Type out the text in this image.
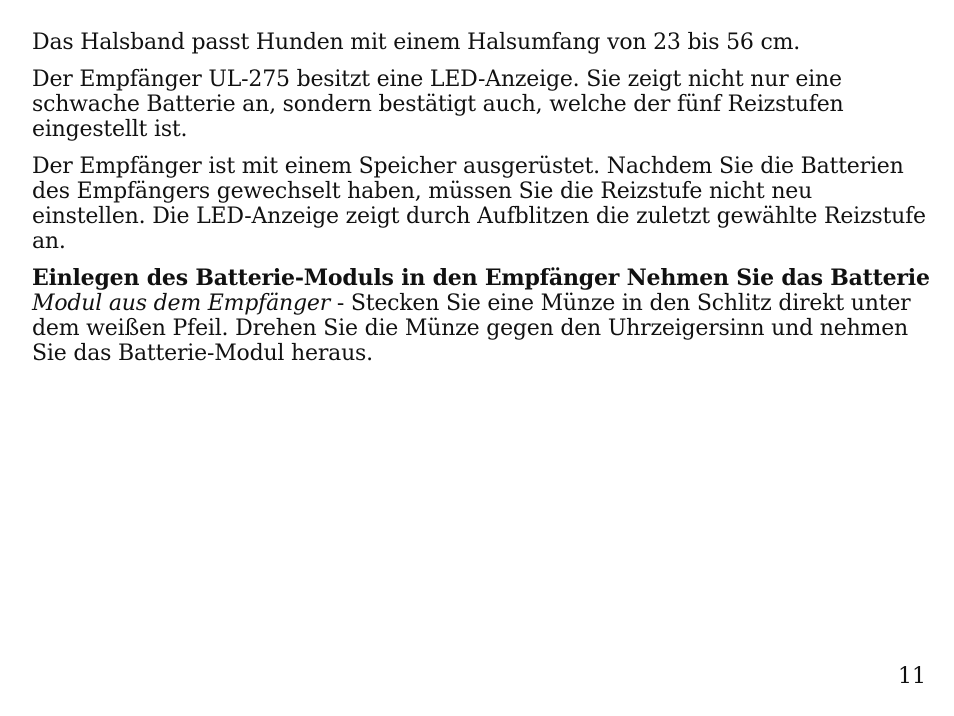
Das Halsband passt Hunden mit einem Halsumfang von 23 bis 56 cm.

Der Empfänger UL-275 besitzt eine LED-Anzeige. Sie zeigt nicht nur eine schwache Batterie an, sondern bestätigt auch, welche der fünf Reizstufen eingestellt ist.

Der Empfänger ist mit einem Speicher ausgerüstet. Nachdem Sie die Batterien des Empfängers gewechselt haben, müssen Sie die Reizstufe nicht neu einstellen. Die LED-Anzeige zeigt durch Aufblitzen die zuletzt gewählte Reizstufe an.

Einlegen des Batterie-Moduls in den Empfänger Nehmen Sie das Batterie
Modul aus dem Empfänger - Stecken Sie eine Münze in den Schlitz direkt unter dem weißen Pfeil. Drehen Sie die Münze gegen den Uhrzeigersinn und nehmen Sie das Batterie-Modul heraus.

11
